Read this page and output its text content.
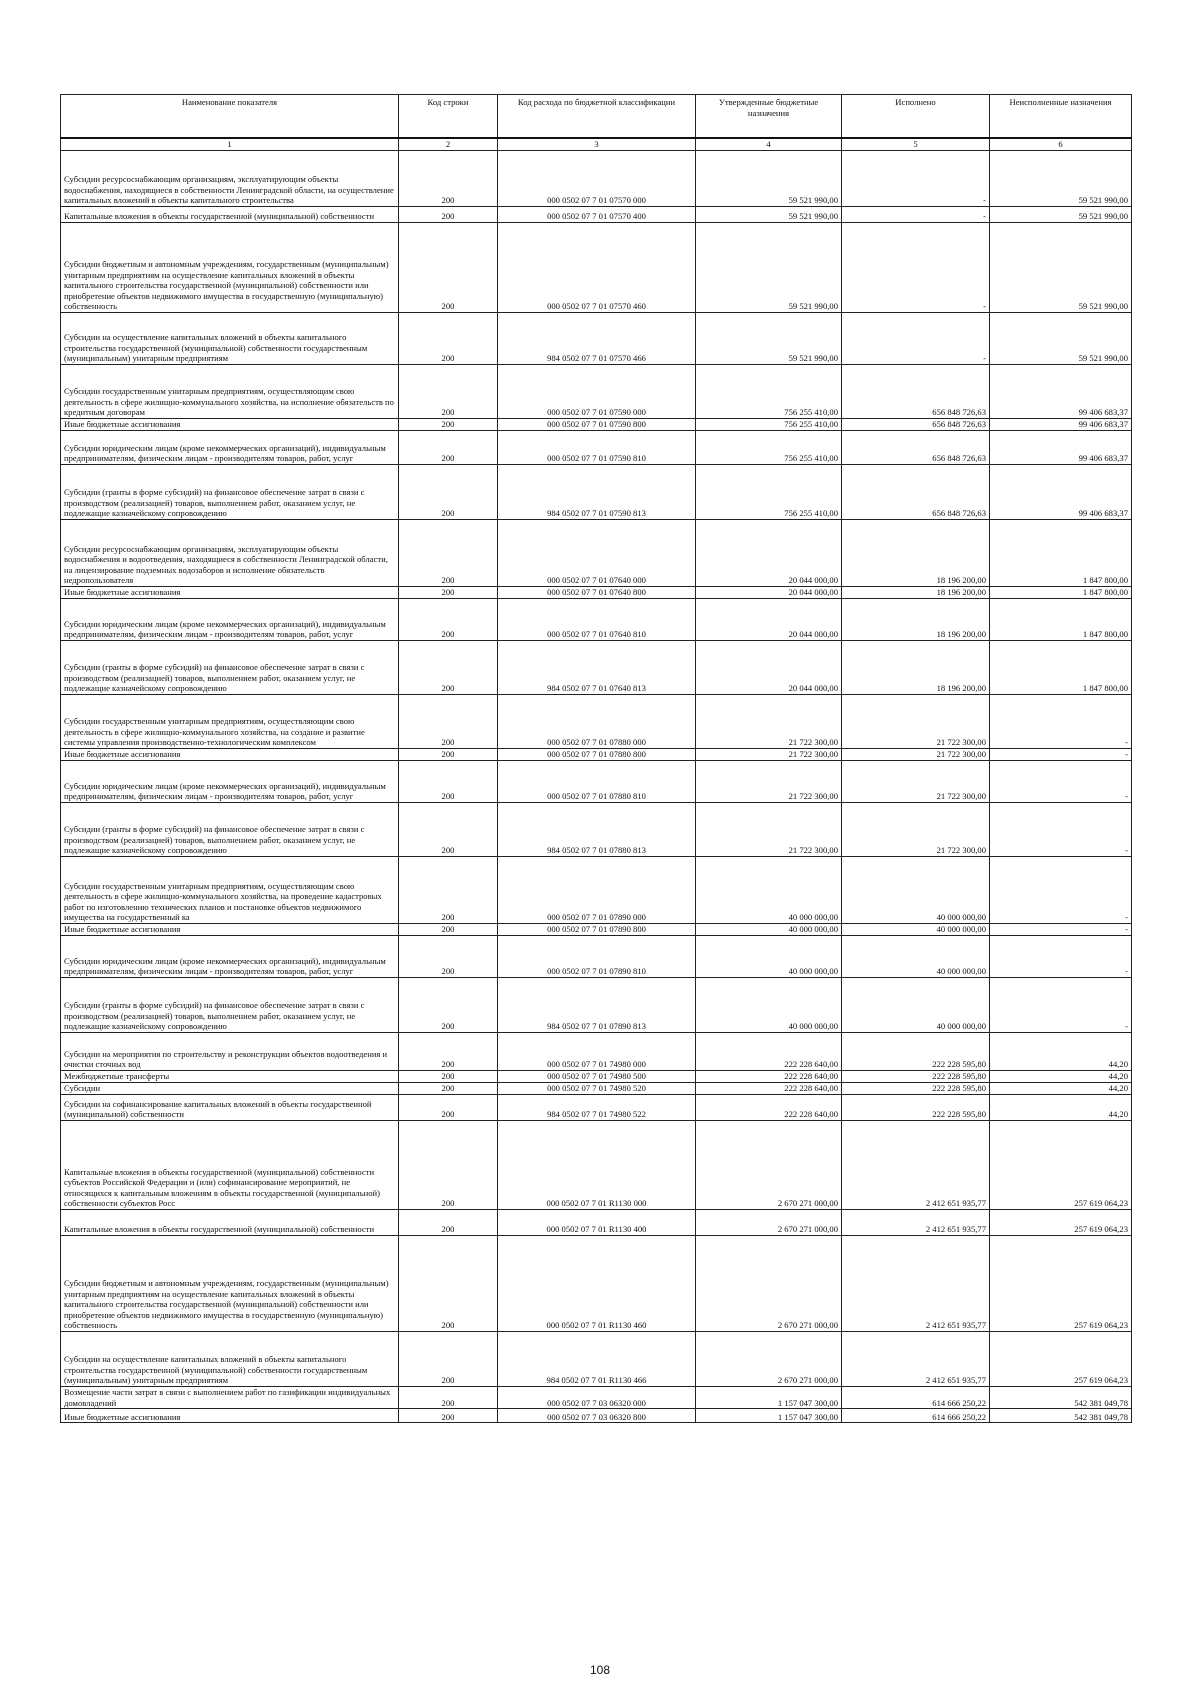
Наименование показателя	Код строки	Код расхода по бюджетной классификации	Утвержденные бюджетные назначения	Исполнено	Неисполненные назначения
1	2	3	4	5	6
Субсидии ресурсоснабжающим организациям, эксплуатирующим объекты водоснабжения, находящиеся в собственности Ленинградской области, на осуществление капитальных вложений в объекты капитального строительства	200	000 0502 07 7 01 07570 000	59 521 990,00	-	59 521 990,00
Капитальные вложения в объекты государственной (муниципальной) собственности	200	000 0502 07 7 01 07570 400	59 521 990,00	-	59 521 990,00
Субсидии бюджетным и автономным учреждениям, государственным (муниципальным) унитарным предприятиям на осуществление капитальных вложений в объекты капитального строительства государственной (муниципальной) собственности или приобретение объектов недвижимого имущества в государственную (муниципальную) собственность	200	000 0502 07 7 01 07570 460	59 521 990,00	-	59 521 990,00
Субсидии на осуществление капитальных вложений в объекты капитального строительства государственной (муниципальной) собственности государственным (муниципальным) унитарным предприятиям	200	984 0502 07 7 01 07570 466	59 521 990,00	-	59 521 990,00
Субсидии государственным унитарным предприятиям, осуществляющим свою деятельность в сфере жилищно-коммунального хозяйства, на исполнение обязательств по кредитным договорам	200	000 0502 07 7 01 07590 000	756 255 410,00	656 848 726,63	99 406 683,37
Иные бюджетные ассигнования	200	000 0502 07 7 01 07590 800	756 255 410,00	656 848 726,63	99 406 683,37
Субсидии юридическим лицам (кроме некоммерческих организаций), индивидуальным предпринимателям, физическим лицам - производителям товаров, работ, услуг	200	000 0502 07 7 01 07590 810	756 255 410,00	656 848 726,63	99 406 683,37
Субсидии (гранты в форме субсидий) на финансовое обеспечение затрат в связи с производством (реализацией) товаров, выполнением работ, оказанием услуг, не подлежащие казначейскому сопровождению	200	984 0502 07 7 01 07590 813	756 255 410,00	656 848 726,63	99 406 683,37
Субсидии ресурсоснабжающим организациям, эксплуатирующим объекты водоснабжения и водоотведения, находящиеся в собственности Ленинградской области, на лицензирование подземных водозаборов и исполнение обязательств недропользователя	200	000 0502 07 7 01 07640 000	20 044 000,00	18 196 200,00	1 847 800,00
Иные бюджетные ассигнования	200	000 0502 07 7 01 07640 800	20 044 000,00	18 196 200,00	1 847 800,00
Субсидии юридическим лицам (кроме некоммерческих организаций), индивидуальным предпринимателям, физическим лицам - производителям товаров, работ, услуг	200	000 0502 07 7 01 07640 810	20 044 000,00	18 196 200,00	1 847 800,00
Субсидии (гранты в форме субсидий) на финансовое обеспечение затрат в связи с производством (реализацией) товаров, выполнением работ, оказанием услуг, не подлежащие казначейскому сопровождению	200	984 0502 07 7 01 07640 813	20 044 000,00	18 196 200,00	1 847 800,00
Субсидии государственным унитарным предприятиям, осуществляющим свою деятельность в сфере жилищно-коммунального хозяйства, на создание и развитие системы управления производственно-технологическим комплексом	200	000 0502 07 7 01 07880 000	21 722 300,00	21 722 300,00	-
Иные бюджетные ассигнования	200	000 0502 07 7 01 07880 800	21 722 300,00	21 722 300,00	-
Субсидии юридическим лицам (кроме некоммерческих организаций), индивидуальным предпринимателям, физическим лицам - производителям товаров, работ, услуг	200	000 0502 07 7 01 07880 810	21 722 300,00	21 722 300,00	-
Субсидии (гранты в форме субсидий) на финансовое обеспечение затрат в связи с производством (реализацией) товаров, выполнением работ, оказанием услуг, не подлежащие казначейскому сопровождению	200	984 0502 07 7 01 07880 813	21 722 300,00	21 722 300,00	-
Субсидии государственным унитарным предприятиям, осуществляющим свою деятельность в сфере жилищно-коммунального хозяйства, на проведение кадастровых работ по изготовлению технических планов и постановке объектов недвижимого имущества на государственный ка	200	000 0502 07 7 01 07890 000	40 000 000,00	40 000 000,00	-
Иные бюджетные ассигнования	200	000 0502 07 7 01 07890 800	40 000 000,00	40 000 000,00	-
Субсидии юридическим лицам (кроме некоммерческих организаций), индивидуальным предпринимателям, физическим лицам - производителям товаров, работ, услуг	200	000 0502 07 7 01 07890 810	40 000 000,00	40 000 000,00	-
Субсидии (гранты в форме субсидий) на финансовое обеспечение затрат в связи с производством (реализацией) товаров, выполнением работ, оказанием услуг, не подлежащие казначейскому сопровождению	200	984 0502 07 7 01 07890 813	40 000 000,00	40 000 000,00	-
Субсидии на мероприятия по строительству и реконструкции объектов водоотведения и очистки сточных вод	200	000 0502 07 7 01 74980 000	222 228 640,00	222 228 595,80	44,20
Межбюджетные трансферты	200	000 0502 07 7 01 74980 500	222 228 640,00	222 228 595,80	44,20
Субсидии	200	000 0502 07 7 01 74980 520	222 228 640,00	222 228 595,80	44,20
Субсидии на софинансирование капитальных вложений в объекты государственной (муниципальной) собственности	200	984 0502 07 7 01 74980 522	222 228 640,00	222 228 595,80	44,20
Капитальные вложения в объекты государственной (муниципальной) собственности субъектов Российской Федерации и (или) софинансирование мероприятий, не относящихся к капитальным вложениям в объекты государственной (муниципальной) собственности субъектов Росс	200	000 0502 07 7 01 R1130 000	2 670 271 000,00	2 412 651 935,77	257 619 064,23
Капитальные вложения в объекты государственной (муниципальной) собственности	200	000 0502 07 7 01 R1130 400	2 670 271 000,00	2 412 651 935,77	257 619 064,23
Субсидии бюджетным и автономным учреждениям, государственным (муниципальным) унитарным предприятиям на осуществление капитальных вложений в объекты капитального строительства государственной (муниципальной) собственности или приобретение объектов недвижимого имущества в государственную (муниципальную) собственность	200	000 0502 07 7 01 R1130 460	2 670 271 000,00	2 412 651 935,77	257 619 064,23
Субсидии на осуществление капитальных вложений в объекты капитального строительства государственной (муниципальной) собственности государственным (муниципальным) унитарным предприятиям	200	984 0502 07 7 01 R1130 466	2 670 271 000,00	2 412 651 935,77	257 619 064,23
Возмещение части затрат в связи с выполнением работ по газификации индивидуальных домовладений	200	000 0502 07 7 03 06320 000	1 157 047 300,00	614 666 250,22	542 381 049,78
Иные бюджетные ассигнования	200	000 0502 07 7 03 06320 800	1 157 047 300,00	614 666 250,22	542 381 049,78
108
